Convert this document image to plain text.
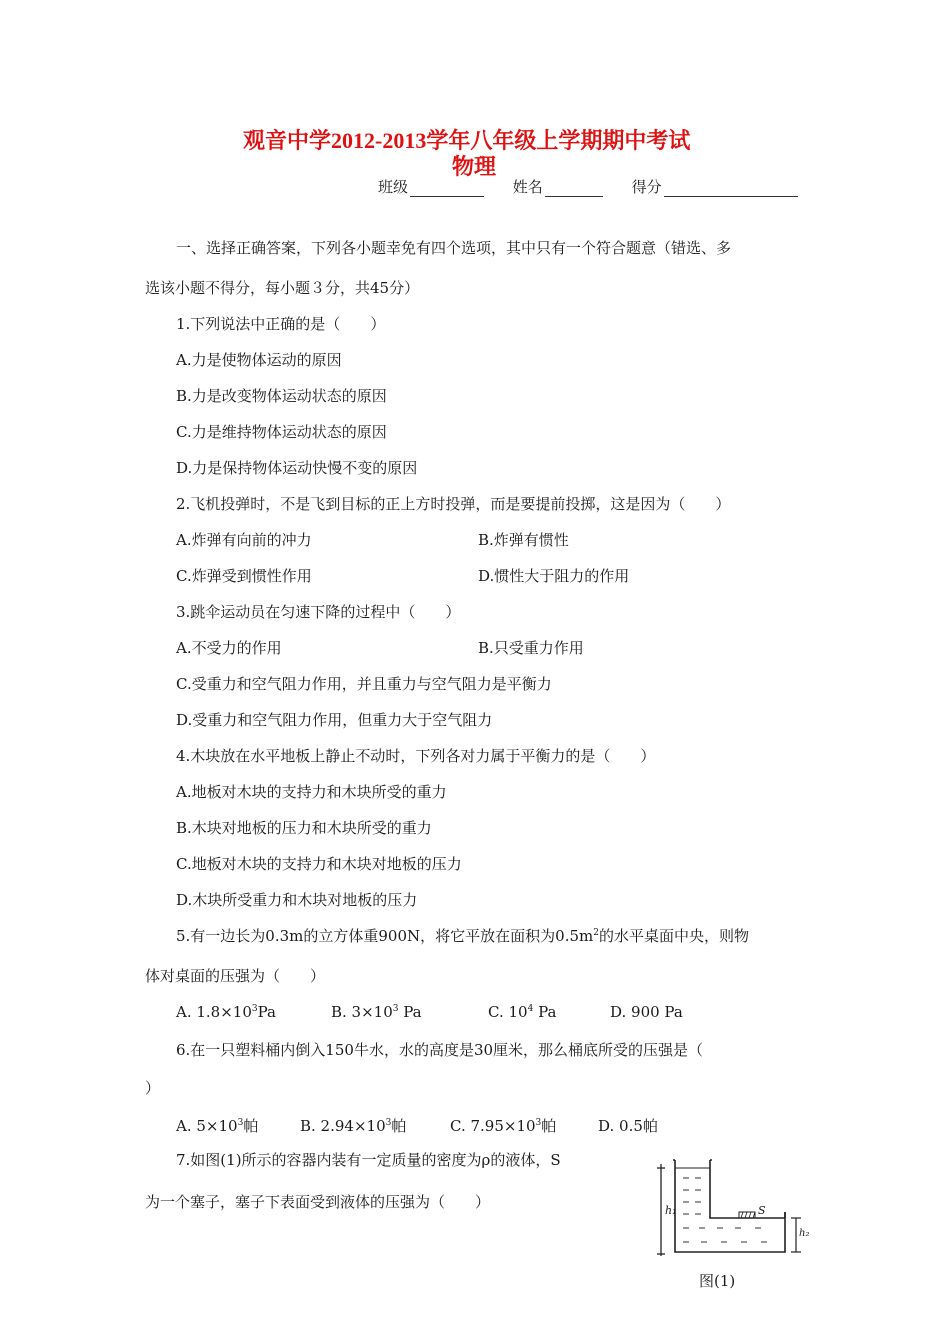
观音中学2012-2013学年八年级上学期期中考试
物理
班级	姓名	得分
一、选择正确答案，下列各小题幸免有四个选项，其中只有一个符合题意（错选、多
选该小题不得分，每小题３分，共45分）
1.下列说法中正确的是（　　）
A.力是使物体运动的原因
B.力是改变物体运动状态的原因
C.力是维持物体运动状态的原因
D.力是保持物体运动快慢不变的原因
2.飞机投弹时，不是飞到目标的正上方时投弹，而是要提前投掷，这是因为（　　）
A.炸弹有向前的冲力	B.炸弹有惯性
C.炸弹受到惯性作用	D.惯性大于阻力的作用
3.跳伞运动员在匀速下降的过程中（　　）
A.不受力的作用	B.只受重力作用
C.受重力和空气阻力作用，并且重力与空气阻力是平衡力
D.受重力和空气阻力作用，但重力大于空气阻力
4.木块放在水平地板上静止不动时，下列各对力属于平衡力的是（　　）
A.地板对木块的支持力和木块所受的重力
B.木块对地板的压力和木块所受的重力
C.地板对木块的支持力和木块对地板的压力
D.木块所受重力和木块对地板的压力
5.有一边长为0.3m的立方体重900N，将它平放在面积为$0.5m^2$的水平桌面中央，则物
体对桌面的压强为（　　）
A. $1.8\times 10^3Pa$	B. $3\times 10^3$ Pa	C. $10^4$ Pa	D. 900 Pa
6.在一只塑料桶内倒入150牛水，水的高度是30厘米，那么桶底所受的压强是（
）
A. $5\times 10^3$帕	B. $2.94\times 10^3$帕	C. $7.95\times 10^3$帕	D. 0.5帕
7.如图(1)所示的容器内装有一定质量的密度为ρ的液体，S
为一个塞子，塞子下表面受到液体的压强为（　　）	S
h₁
h₂
图(1)
